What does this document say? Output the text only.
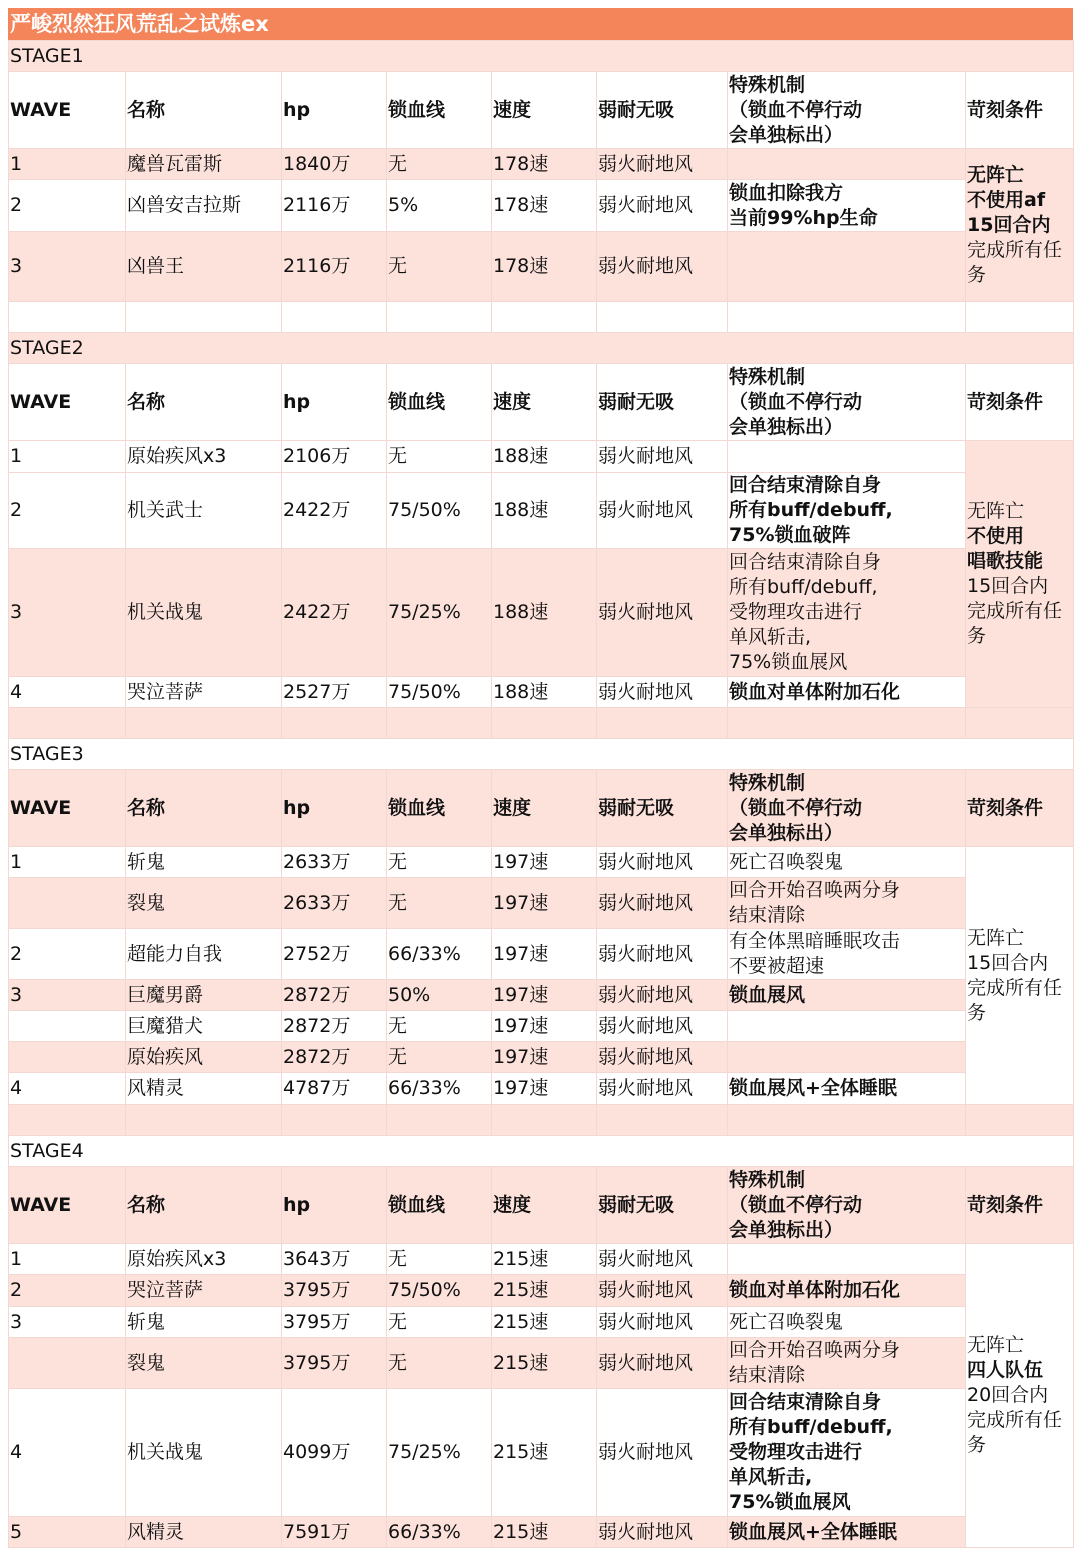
严峻烈然狂风荒乱之试炼ex
STAGE1							
WAVE	名称	hp	锁血线	速度	弱耐无吸	特殊机制
（锁血不停行动
会单独标出）	苛刻条件
1	魔兽瓦雷斯	1840万	无	178速	弱火耐地风		无阵亡
不使用af
15回合内
完成所有任务
2	凶兽安吉拉斯	2116万	5%	178速	弱火耐地风	锁血扣除我方
当前99%hp生命	
3	凶兽王	2116万	无	178速	弱火耐地风		

STAGE2							
WAVE	名称	hp	锁血线	速度	弱耐无吸	特殊机制
（锁血不停行动
会单独标出）	苛刻条件
1	原始疾风x3	2106万	无	188速	弱火耐地风		无阵亡
不使用
唱歌技能
15回合内 完成所有任务
2	机关武士	2422万	75/50%	188速	弱火耐地风	回合结束清除自身
所有buff/debuff,
75%锁血破阵	
3	机关战鬼	2422万	75/25%	188速	弱火耐地风	回合结束清除自身
所有buff/debuff,
受物理攻击进行
单风斩击,
75%锁血展风	
4	哭泣菩萨	2527万	75/50%	188速	弱火耐地风	锁血对单体附加石化	

STAGE3							
WAVE	名称	hp	锁血线	速度	弱耐无吸	特殊机制
（锁血不停行动
会单独标出）	苛刻条件
1	斩鬼	2633万	无	197速	弱火耐地风	死亡召唤裂鬼	无阵亡
15回合内
完成所有任务
	裂鬼	2633万	无	197速	弱火耐地风	回合开始召唤两分身
结束清除	
2	超能力自我	2752万	66/33%	197速	弱火耐地风	有全体黑暗睡眠攻击
不要被超速	
3	巨魔男爵	2872万	50%	197速	弱火耐地风	锁血展风	
	巨魔猎犬	2872万	无	197速	弱火耐地风		
	原始疾风	2872万	无	197速	弱火耐地风		
4	风精灵	4787万	66/33%	197速	弱火耐地风	锁血展风+全体睡眠	

STAGE4							
WAVE	名称	hp	锁血线	速度	弱耐无吸	特殊机制
（锁血不停行动
会单独标出）	苛刻条件
1	原始疾风x3	3643万	无	215速	弱火耐地风		无阵亡
四人队伍
20回合内
完成所有任务
2	哭泣菩萨	3795万	75/50%	215速	弱火耐地风	锁血对单体附加石化	
3	斩鬼	3795万	无	215速	弱火耐地风	死亡召唤裂鬼	
	裂鬼	3795万	无	215速	弱火耐地风	回合开始召唤两分身
结束清除	
4	机关战鬼	4099万	75/25%	215速	弱火耐地风	回合结束清除自身
所有buff/debuff,
受物理攻击进行
单风斩击,
75%锁血展风	
5	风精灵	7591万	66/33%	215速	弱火耐地风	锁血展风+全体睡眠	
